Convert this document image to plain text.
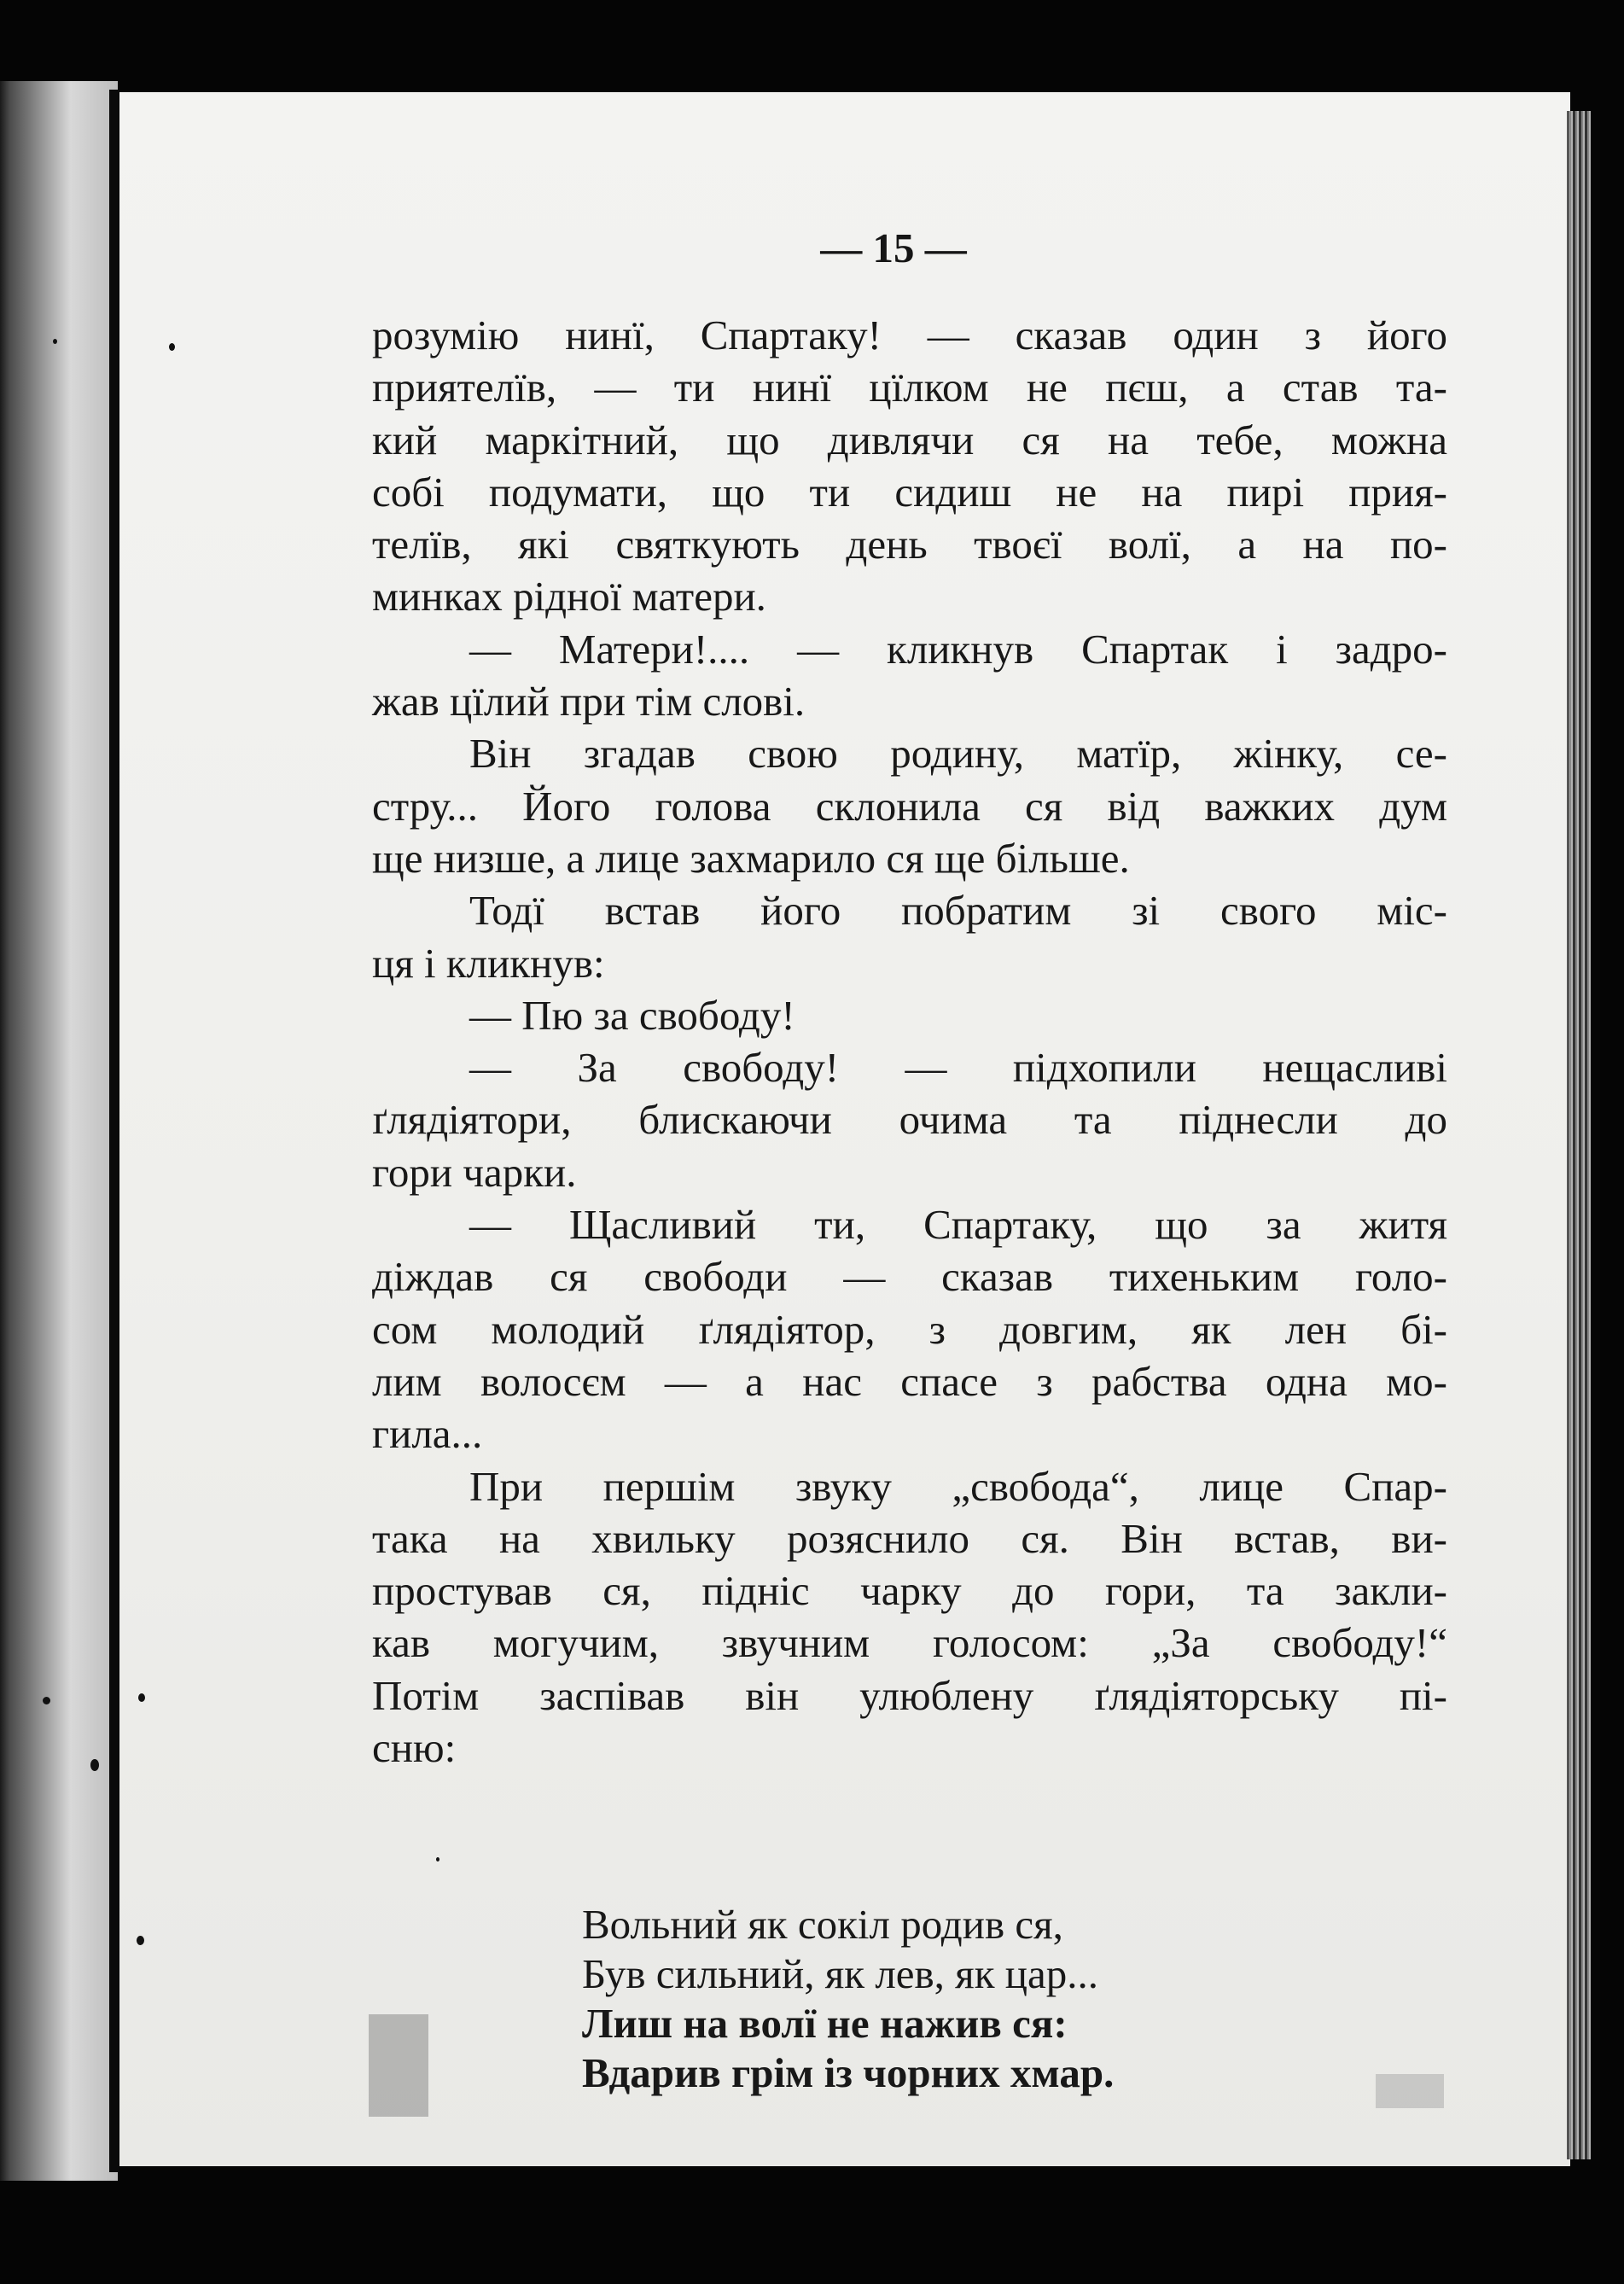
— 15 —
розумію нинї, Спартаку! — сказав один з його
приятелїв, — ти нинї цїлком не пєш, а став та-
кий маркітний, що дивлячи ся на тебе, можна
собі подумати, що ти сидиш не на пирі прия-
телїв, які святкують день твоєї волї, а на по-
минках рідної матери.
— Матери!.... — кликнув Спартак і задро-
жав цїлий при тім слові.
Він згадав свою родину, матїр, жінку, се-
стру... Його голова склонила ся від важких дум
ще низше, а лице захмарило ся ще більше.
Тодї встав його побратим зі свого міс-
ця і кликнув:
— Пю за свободу!
— За свободу! — підхопили нещасливі
ґлядіятори, блискаючи очима та піднесли до
гори чарки.
— Щасливий ти, Спартаку, що за житя
діждав ся свободи — сказав тихеньким голо-
сом молодий ґлядіятор, з довгим, як лен бі-
лим волосєм — а нас спасе з рабства одна мо-
гила...
При першім звуку „свобода“, лице Спар-
така на хвильку розяснило ся. Він встав, ви-
простував ся, підніс чарку до гори, та закли-
кав могучим, звучним голосом: „За свободу!“
Потім заспівав він улюблену ґлядіяторську пі-
сню:
Вольний як сокіл родив ся,
Був сильний, як лев, як цар...
Лиш на волї не нажив ся:
Вдарив грім із чорних хмар.
